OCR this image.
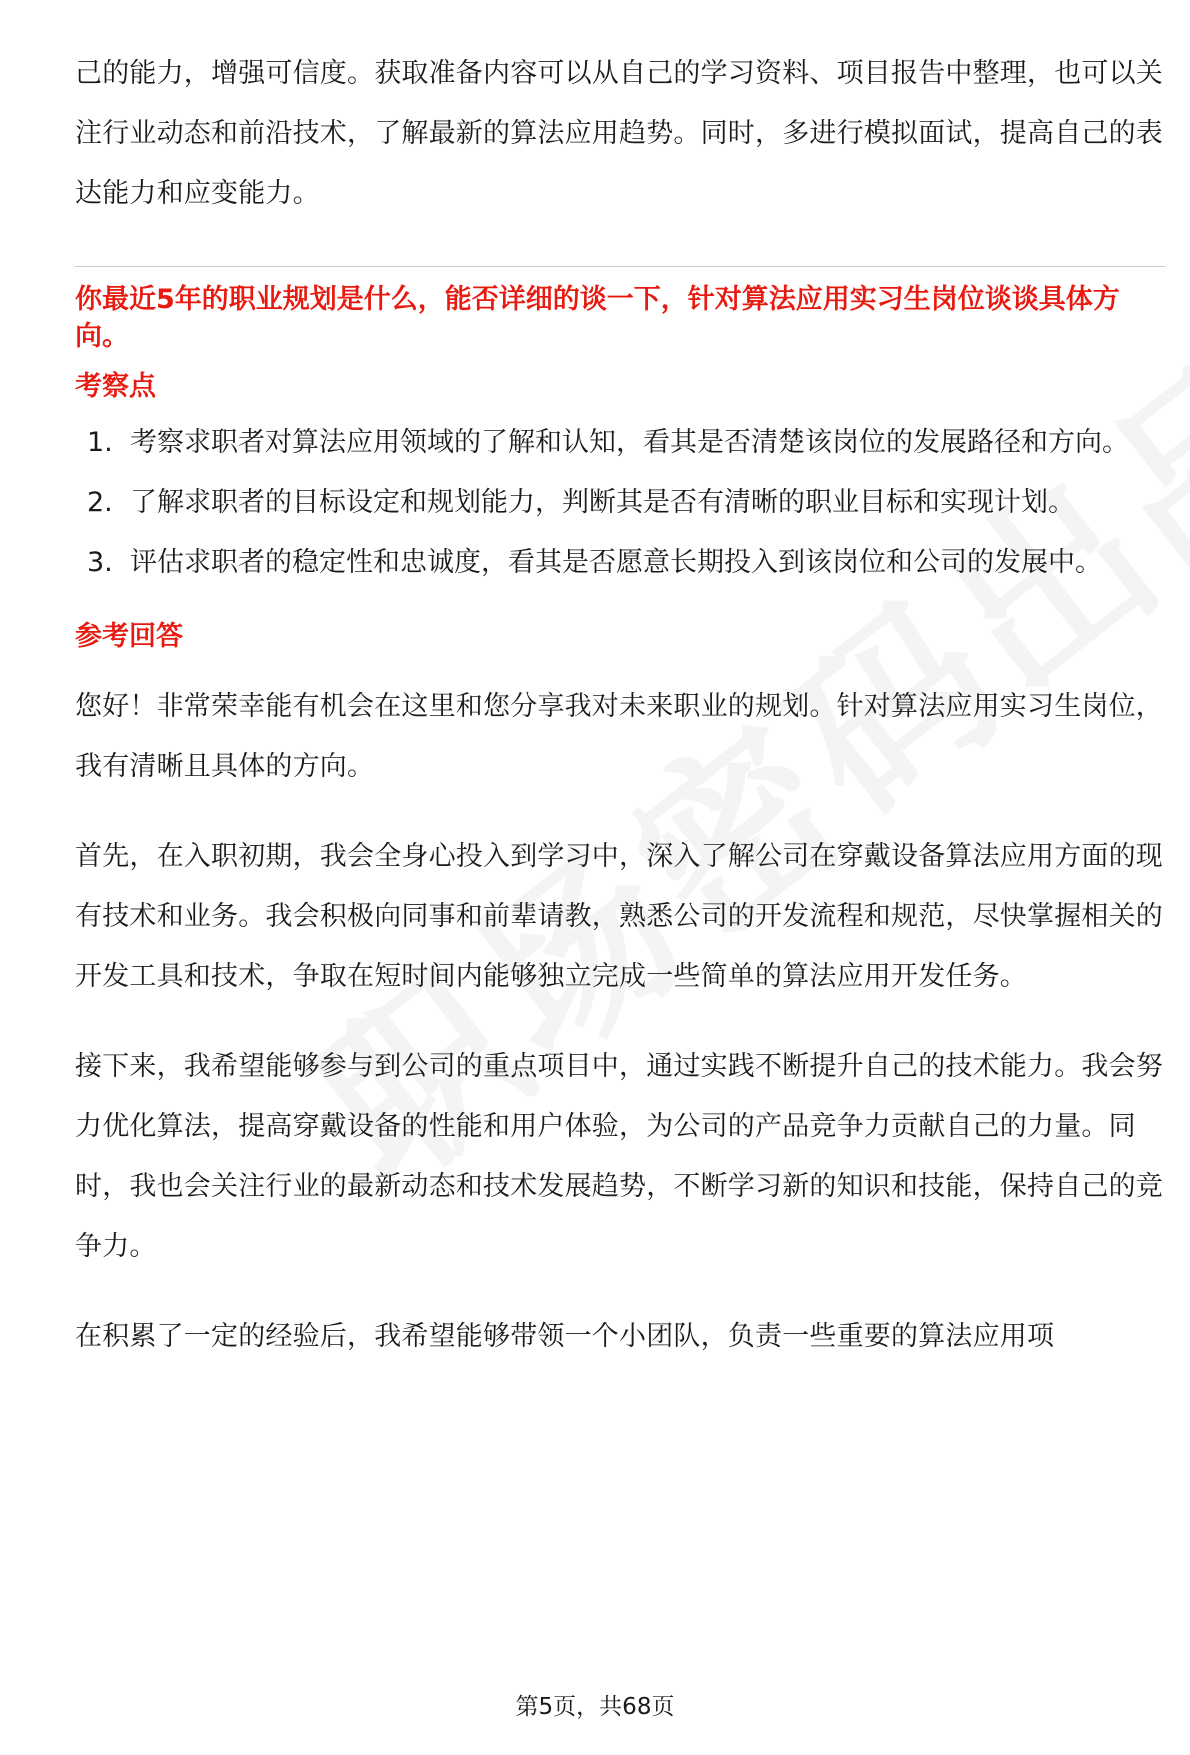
己的能力，增强可信度。获取准备内容可以从自己的学习资料、项目报告中整理，也可以关注行业动态和前沿技术，了解最新的算法应用趋势。同时，多进行模拟面试，提高自己的表达能力和应变能力。

你最近5年的职业规划是什么，能否详细的谈一下，针对算法应用实习生岗位谈谈具体方向。

考察点
1. 考察求职者对算法应用领域的了解和认知，看其是否清楚该岗位的发展路径和方向。
2. 了解求职者的目标设定和规划能力，判断其是否有清晰的职业目标和实现计划。
3. 评估求职者的稳定性和忠诚度，看其是否愿意长期投入到该岗位和公司的发展中。
参考回答

您好！非常荣幸能有机会在这里和您分享我对未来职业的规划。针对算法应用实习生岗位，我有清晰且具体的方向。

首先，在入职初期，我会全身心投入到学习中，深入了解公司在穿戴设备算法应用方面的现有技术和业务。我会积极向同事和前辈请教，熟悉公司的开发流程和规范，尽快掌握相关的开发工具和技术，争取在短时间内能够独立完成一些简单的算法应用开发任务。

接下来，我希望能够参与到公司的重点项目中，通过实践不断提升自己的技术能力。我会努力优化算法，提高穿戴设备的性能和用户体验，为公司的产品竞争力贡献自己的力量。同时，我也会关注行业的最新动态和技术发展趋势，不断学习新的知识和技能，保持自己的竞争力。

在积累了一定的经验后，我希望能够带领一个小团队，负责一些重要的算法应用项

第5页，共68页
